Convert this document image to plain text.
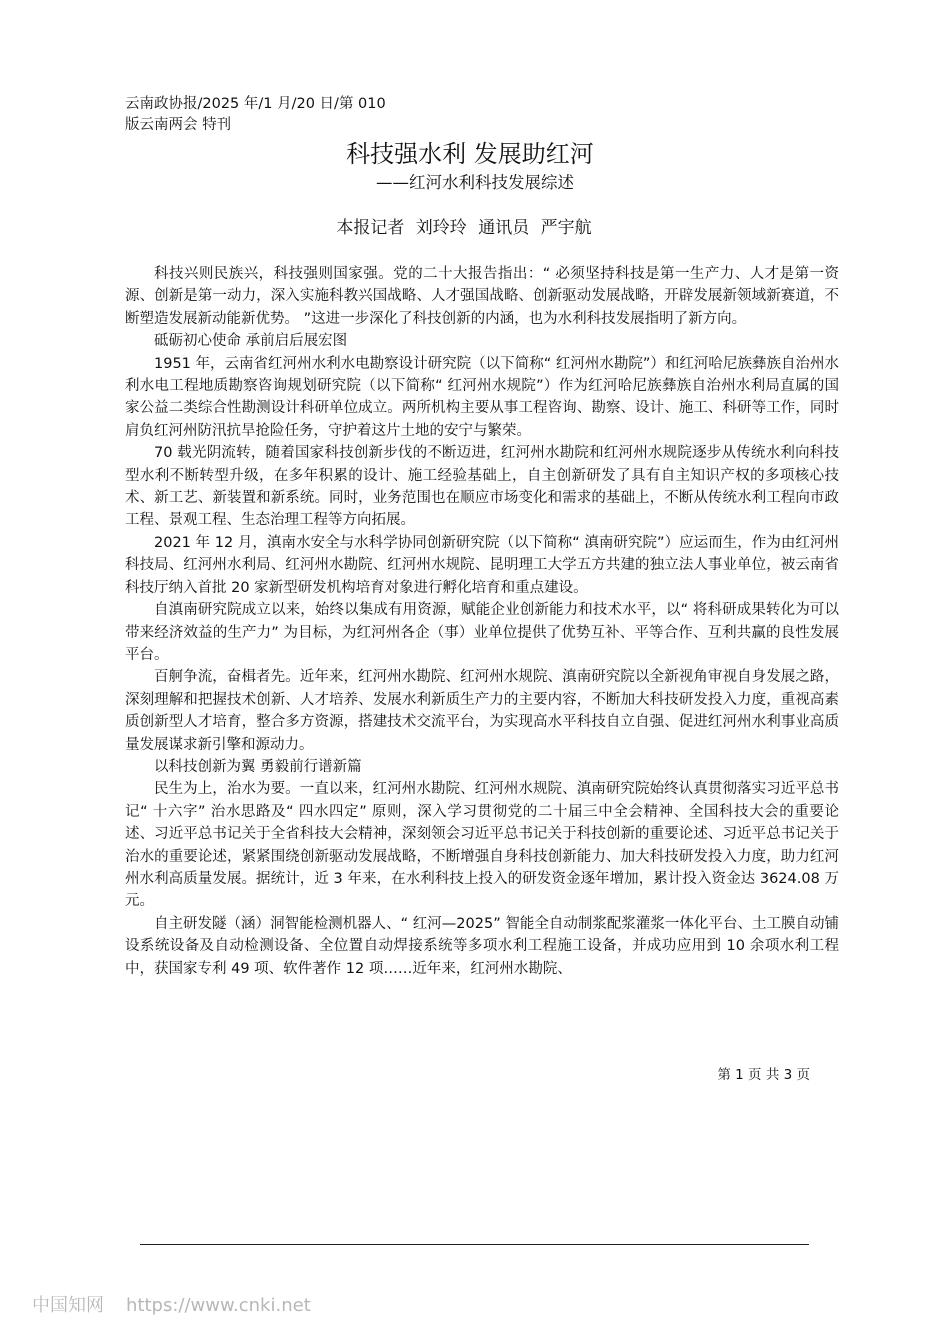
云南政协报/2025 年/1 月/20 日/第 010
版云南两会 特刊
科技强水利 发展助红河
——红河水利科技发展综述
本报记者 刘玲玲 通讯员 严宇航

科技兴则民族兴，科技强则国家强。党的二十大报告指出：“ 必须坚持科技是第一生产力、人才是第一资源、创新是第一动力，深入实施科教兴国战略、人才强国战略、创新驱动发展战略，开辟发展新领域新赛道，不断塑造发展新动能新优势。 ”这进一步深化了科技创新的内涵，也为水利科技发展指明了新方向。

砥砺初心使命 承前启后展宏图

1951 年，云南省红河州水利水电勘察设计研究院（以下简称“ 红河州水勘院”）和红河哈尼族彝族自治州水利水电工程地质勘察咨询规划研究院（以下简称“ 红河州水规院”）作为红河哈尼族彝族自治州水利局直属的国家公益二类综合性勘测设计科研单位成立。两所机构主要从事工程咨询、勘察、设计、施工、科研等工作，同时肩负红河州防汛抗旱抢险任务，守护着这片土地的安宁与繁荣。

70 载光阴流转，随着国家科技创新步伐的不断迈进，红河州水勘院和红河州水规院逐步从传统水利向科技型水利不断转型升级，在多年积累的设计、施工经验基础上，自主创新研发了具有自主知识产权的多项核心技术、新工艺、新装置和新系统。同时，业务范围也在顺应市场变化和需求的基础上，不断从传统水利工程向市政工程、景观工程、生态治理工程等方向拓展。

2021 年 12 月，滇南水安全与水科学协同创新研究院（以下简称“ 滇南研究院”）应运而生，作为由红河州科技局、红河州水利局、红河州水勘院、红河州水规院、昆明理工大学五方共建的独立法人事业单位，被云南省科技厅纳入首批 20 家新型研发机构培育对象进行孵化培育和重点建设。

自滇南研究院成立以来，始终以集成有用资源，赋能企业创新能力和技术水平，以“ 将科研成果转化为可以带来经济效益的生产力” 为目标，为红河州各企（事）业单位提供了优势互补、平等合作、互利共赢的良性发展平台。

百舸争流，奋楫者先。近年来，红河州水勘院、红河州水规院、滇南研究院以全新视角审视自身发展之路，深刻理解和把握技术创新、人才培养、发展水利新质生产力的主要内容，不断加大科技研发投入力度，重视高素质创新型人才培育，整合多方资源，搭建技术交流平台，为实现高水平科技自立自强、促进红河州水利事业高质量发展谋求新引擎和源动力。

以科技创新为翼 勇毅前行谱新篇

民生为上，治水为要。一直以来，红河州水勘院、红河州水规院、滇南研究院始终认真贯彻落实习近平总书记“ 十六字” 治水思路及“ 四水四定” 原则，深入学习贯彻党的二十届三中全会精神、全国科技大会的重要论述、习近平总书记关于全省科技大会精神，深刻领会习近平总书记关于科技创新的重要论述、习近平总书记关于治水的重要论述，紧紧围绕创新驱动发展战略，不断增强自身科技创新能力、加大科技研发投入力度，助力红河州水利高质量发展。据统计，近 3 年来，在水利科技上投入的研发资金逐年增加，累计投入资金达 3624.08 万元。

自主研发隧（涵）洞智能检测机器人、“ 红河—2025” 智能全自动制浆配浆灌浆一体化平台、土工膜自动铺设系统设备及自动检测设备、全位置自动焊接系统等多项水利工程施工设备，并成功应用到 10 余项水利工程中，获国家专利 49 项、软件著作 12 项……近年来，红河州水勘院、

第 1 页 共 3 页
中国知网 https://www.cnki.net
